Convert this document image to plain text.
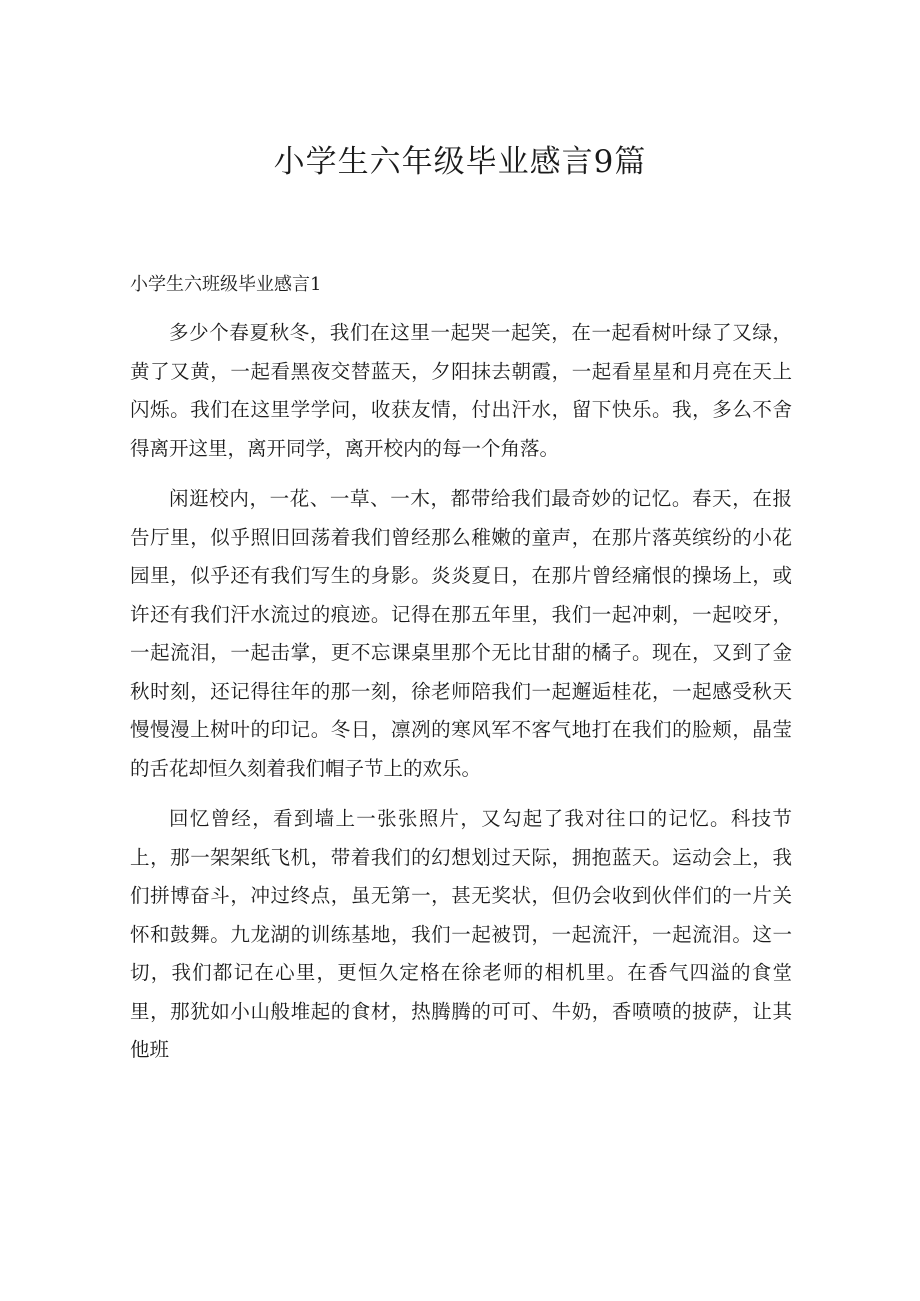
小学生六年级毕业感言9篇
小学生六班级毕业感言1

多少个春夏秋冬，我们在这里一起哭一起笑，在一起看树叶绿了又绿，黄了又黄，一起看黑夜交替蓝天，夕阳抹去朝霞，一起看星星和月亮在天上闪烁。我们在这里学学问，收获友情，付出汗水，留下快乐。我，多么不舍得离开这里，离开同学，离开校内的每一个角落。

闲逛校内，一花、一草、一木，都带给我们最奇妙的记忆。春天，在报告厅里，似乎照旧回荡着我们曾经那么稚嫩的童声，在那片落英缤纷的小花园里，似乎还有我们写生的身影。炎炎夏日，在那片曾经痛恨的操场上，或许还有我们汗水流过的痕迹。记得在那五年里，我们一起冲刺，一起咬牙，一起流泪，一起击掌，更不忘课桌里那个无比甘甜的橘子。现在，又到了金秋时刻，还记得往年的那一刻，徐老师陪我们一起邂逅桂花，一起感受秋天慢慢漫上树叶的印记。冬日，凛冽的寒风军不客气地打在我们的脸颊，晶莹的舌花却恒久刻着我们帽子节上的欢乐。

回忆曾经，看到墙上一张张照片，又勾起了我对往口的记忆。科技节上，那一架架纸飞机，带着我们的幻想划过天际，拥抱蓝天。运动会上，我们拼博奋斗，冲过终点，虽无第一，甚无奖状，但仍会收到伙伴们的一片关怀和鼓舞。九龙湖的训练基地，我们一起被罚，一起流汗，一起流泪。这一切，我们都记在心里，更恒久定格在徐老师的相机里。在香气四溢的食堂里，那犹如小山般堆起的食材，热腾腾的可可、牛奶，香喷喷的披萨，让其他班
